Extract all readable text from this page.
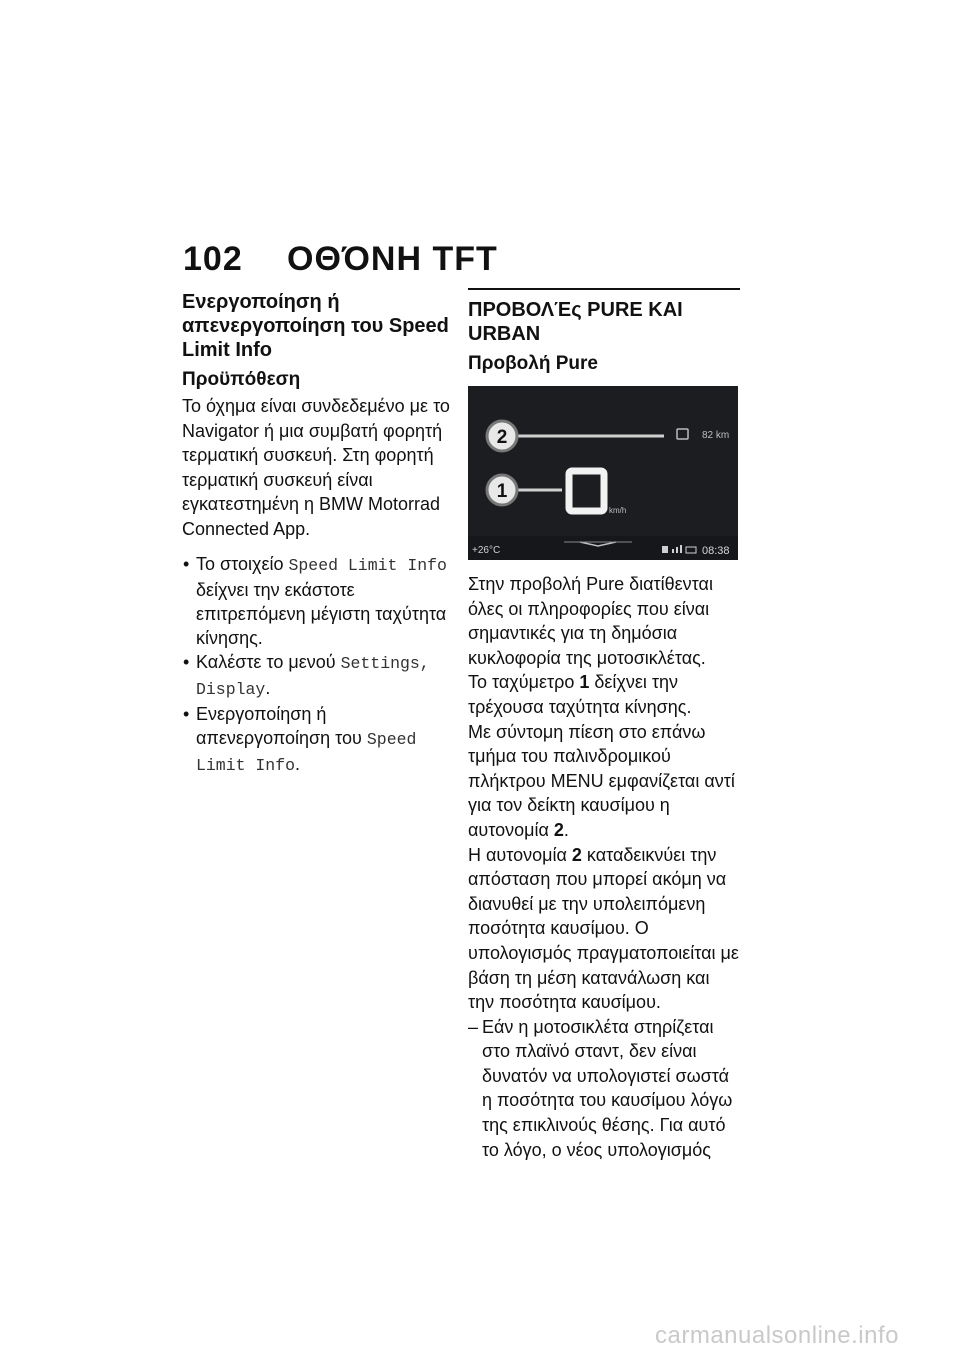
102 ΟΘΌΝΗ TFT
Ενεργοποίηση ή απενεργοποίηση του Speed Limit Info
Προϋπόθεση

Το όχημα είναι συνδεδεμένο με το Navigator ή μια συμβατή φορητή τερματική συσκευή. Στη φορητή τερματική συσκευή είναι εγκατεστημένη η BMW Motorrad Connected App.

• Το στοιχείο Speed Limit Info δείχνει την εκάστοτε επιτρεπόμενη μέγιστη ταχύτητα κίνησης.
• Καλέστε το μενού Settings, Display.
• Ενεργοποίηση ή απενεργοποίηση του Speed Limit Info.
ΠΡΟΒΟΛΈς PURE ΚΑΙ URBAN
Προβολή Pure
82 km
2
1
km/h
+26°C	08:38

Στην προβολή Pure διατίθενται όλες οι πληροφορίες που είναι σημαντικές για τη δημόσια κυκλοφορία της μοτοσικλέτας.

Το ταχύμετρο 1 δείχνει την τρέχουσα ταχύτητα κίνησης.

Με σύντομη πίεση στο επάνω τμήμα του παλινδρομικού πλήκτρου MENU εμφανίζεται αντί για τον δείκτη καυσίμου η αυτονομία 2.

Η αυτονομία 2 καταδεικνύει την απόσταση που μπορεί ακόμη να διανυθεί με την υπολειπόμενη ποσότητα καυσίμου. Ο υπολογισμός πραγματοποιείται με βάση τη μέση κατανάλωση και την ποσότητα καυσίμου.

– Εάν η μοτοσικλέτα στηρίζεται στο πλαϊνό σταντ, δεν είναι δυνατόν να υπολογιστεί σωστά η ποσότητα του καυσίμου λόγω της επικλινούς θέσης. Για αυτό το λόγο, ο νέος υπολογισμός
carmanualsonline.info
